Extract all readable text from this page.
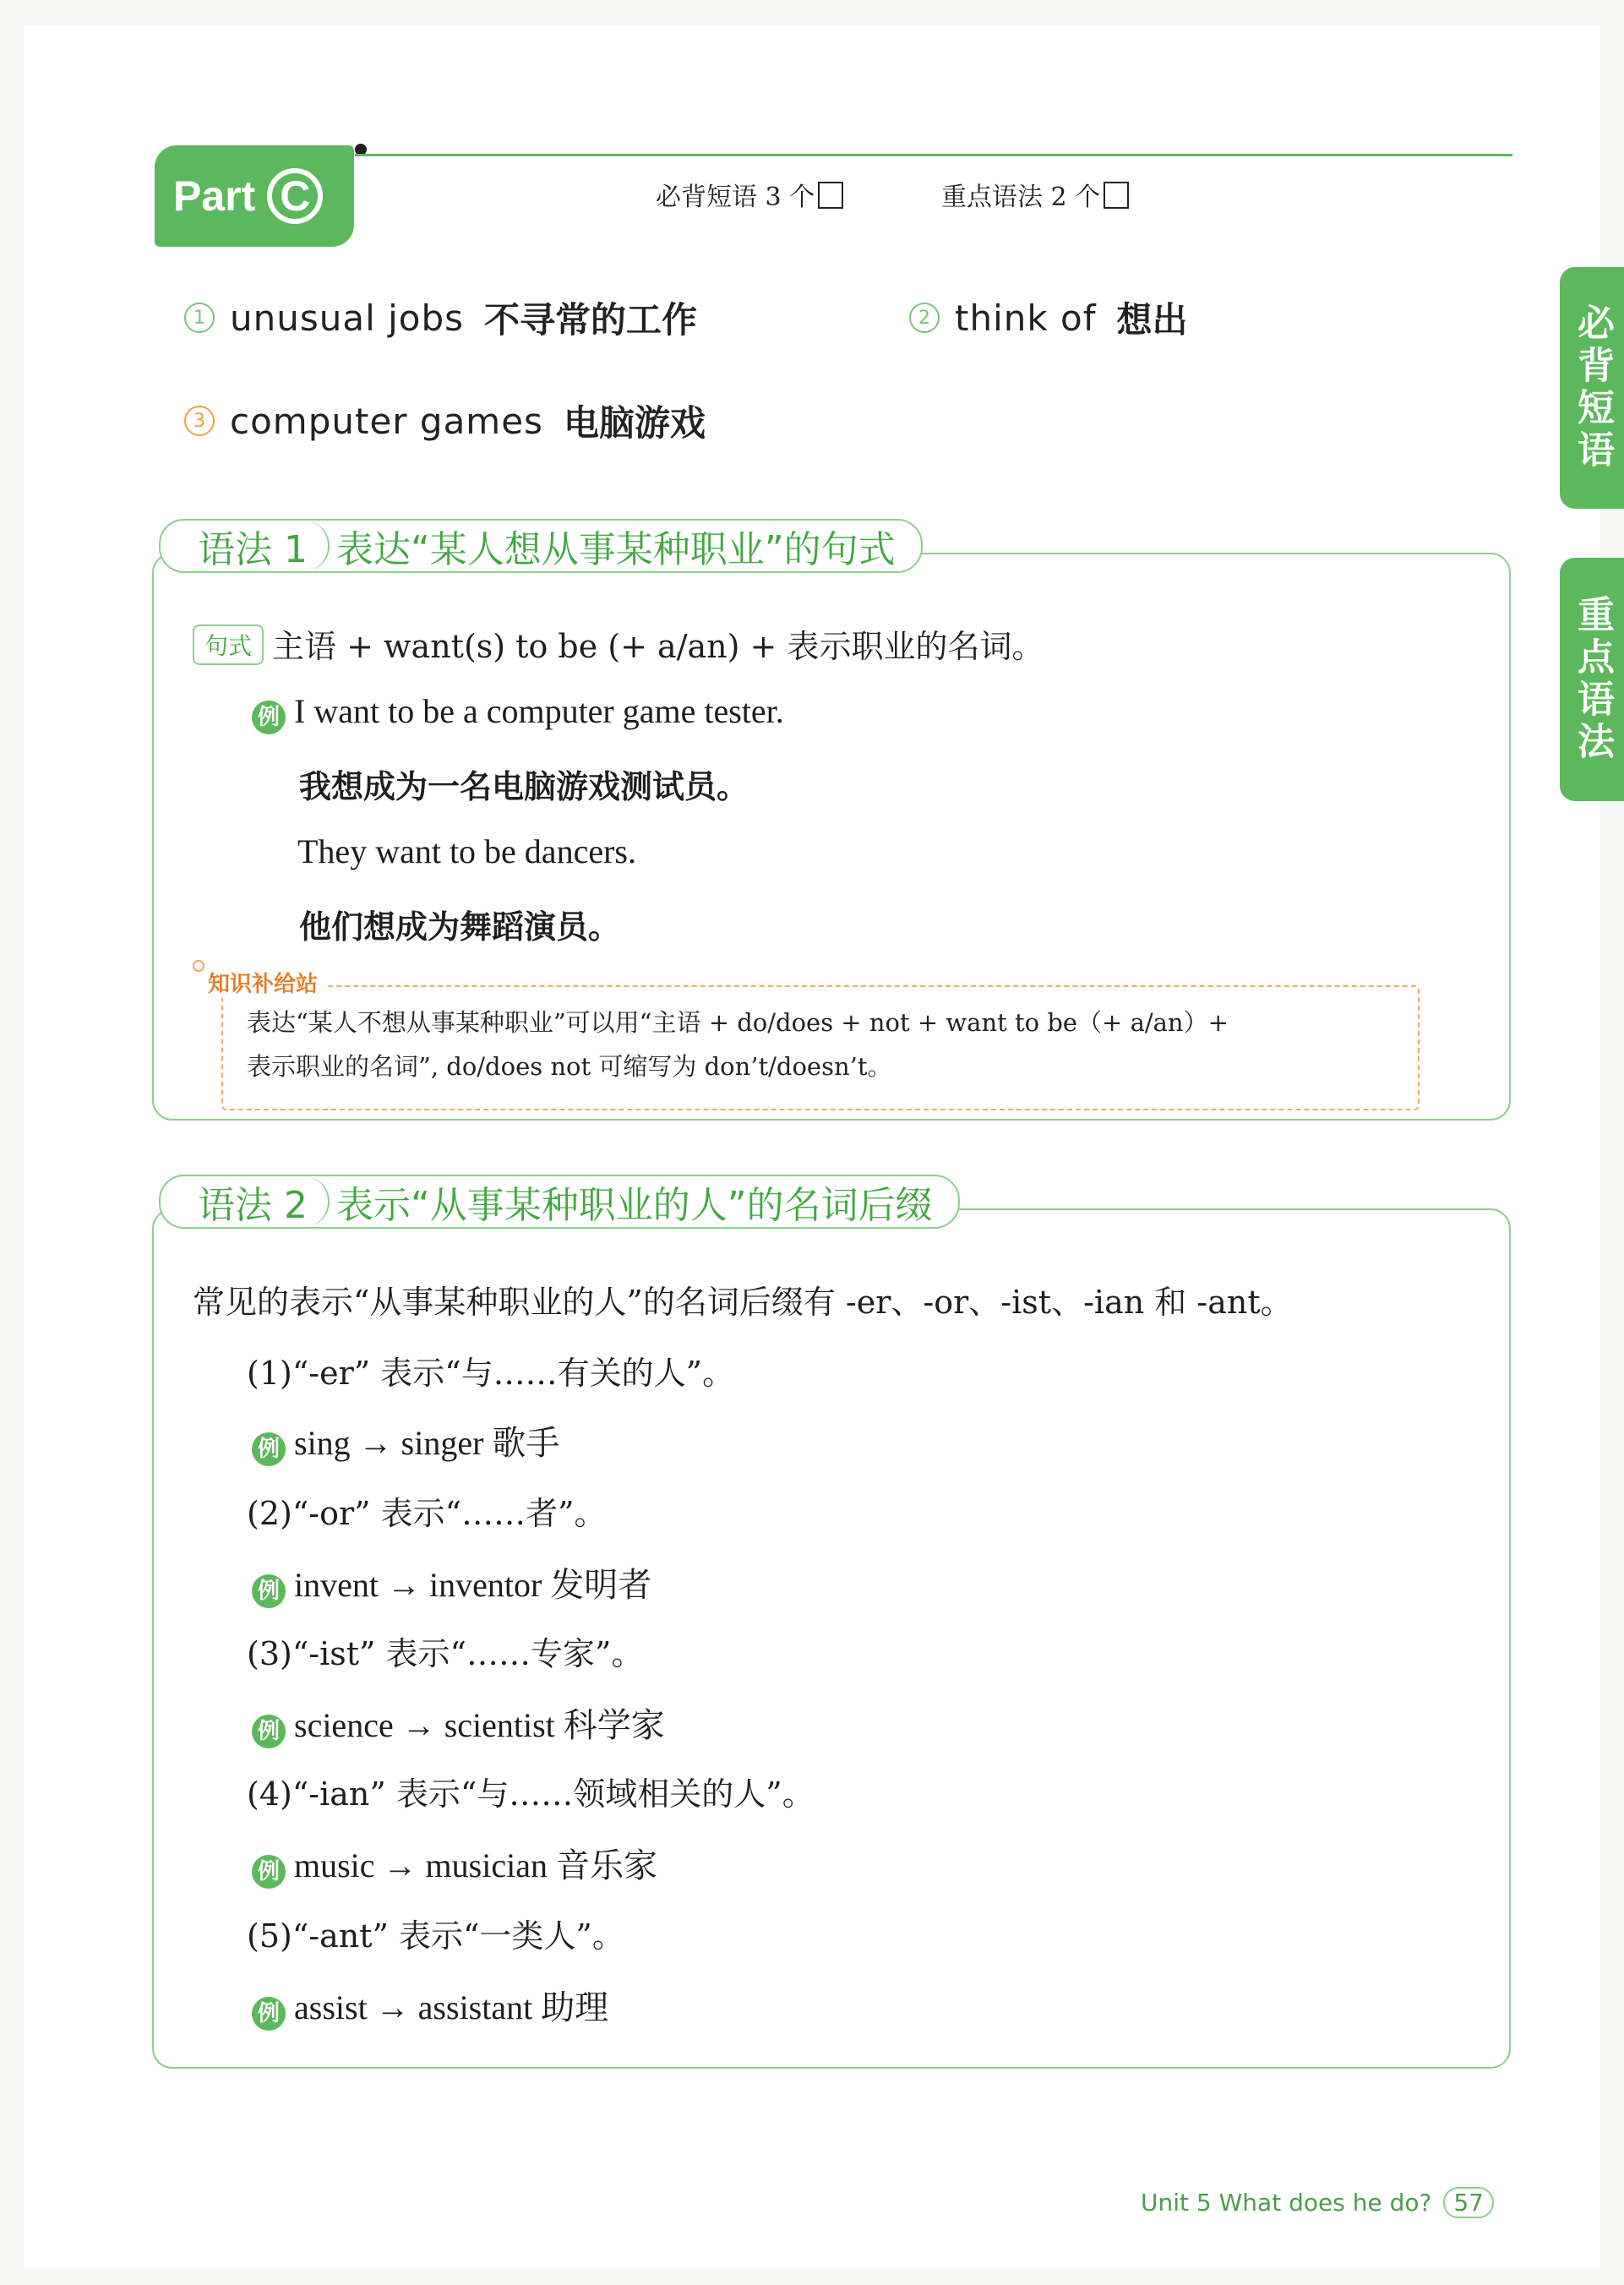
Part C	必背短语 3 个	重点语法 2 个
必背短语
重点语法
1 unusual jobs 不寻常的工作	2 think of 想出
3 computer games 电脑游戏
语法 1 表达“某人想从事某种职业”的句式
句式 主语 + want(s) to be (+ a/an) + 表示职业的名词。
例 I want to be a computer game tester.
我想成为一名电脑游戏测试员。
They want to be dancers.
他们想成为舞蹈演员。
知识补给站
表达“某人不想从事某种职业”可以用“主语 + do/does + not + want to be（+ a/an）+
表示职业的名词”, do/does not 可缩写为 don’t/doesn’t。
语法 2 表示“从事某种职业的人”的名词后缀
常见的表示“从事某种职业的人”的名词后缀有 -er、-or、-ist、-ian 和 -ant。
(1)“-er” 表示“与……有关的人”。
例 sing → singer 歌手
(2)“-or” 表示“……者”。
例 invent → inventor 发明者
(3)“-ist” 表示“……专家”。
例 science → scientist 科学家
(4)“-ian” 表示“与……领域相关的人”。
例 music → musician 音乐家
(5)“-ant” 表示“一类人”。
例 assist → assistant 助理
Unit 5 What does he do? 57
